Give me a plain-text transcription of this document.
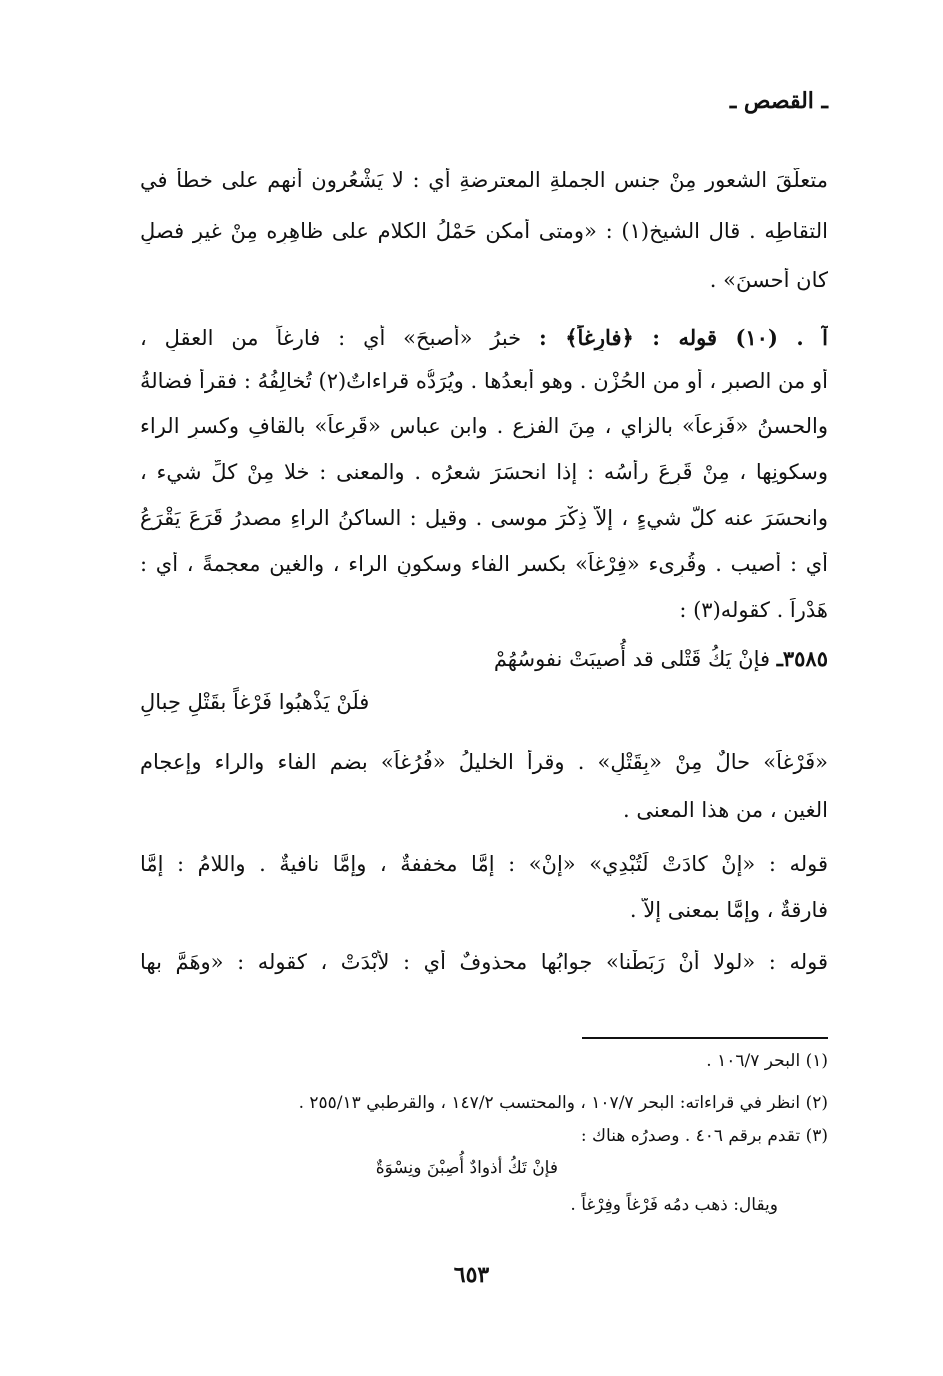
ـ القصص ـ
متعلَّقَ الشعور مِنْ جنسِ الجملةِ المعترضةِ أي : لا يَشْعُرون أنهم على خطأ في
التقاطِه . قال الشيخ(١) : «ومتى أمكن حَمْلُ الكلامِ على ظاهِرِه مِنْ غيرِ فصلٍ
كان أحسنَ» .
آ . (١٠) قوله : ﴿فارِغاً﴾ : خبرُ «أصبحَ» أي : فارغاً من العقلِ ،
أو من الصبرِ ، أو من الحُزْن . وهو أبعدُها . ويُرَدُّه قراءاتٌ(٢) تُخالِفُهُ : فقرأ فضالةُ
والحسنُ «فَزِعاً» بالزاي ، مِنَ الفزع . وابن عباس «قَرِعاً» بالقافِ وكسرِ الراء
وسكونِها ، مِنْ قَرِعَ رأسُه : إذا انحسَرَ شعرُه . والمعنى : خلا مِنْ كلِّ شيء ،
وانحسَرَ عنه كلُّ شيءٍ ، إلاَّ ذِكْرَ موسى . وقيل : الساكنُ الراءِ مصدرُ قَرَعَ يَقْرَعُ
أي : أصيب . وقُرِىء «فِرْغاً» بكسر الفاء وسكونِ الراء ، والغينِ معجمةً ، أي :
هَدْراً . كقوله(٣) :
٣٥٨٥ـ فإنْ يَكُ قَتْلى قد أُصيبَتْ نفوسُهُمْ
فلَنْ يَذْهبُوا فَرْغاً بقَتْلِ حِبالِ
«فَرْغاً» حالٌ مِنْ «بِقَتْلِ» . وقرأ الخليلُ «فُرُغاً» بضم الفاء والراء وإعجامِ
الغين ، من هذا المعنى .
قوله : «إنْ كادَتْ لَتُبْدِي» «إنْ» : إمَّا مخففةٌ ، وإمَّا نافيةٌ . واللامُ : إمَّا
فارقةٌ ، وإمَّا بمعنى إلاَّ .
قوله : «لولا أَنْ رَبَطْنا» جوابُها محذوفٌ أي : لأَبْدَتْ ، كقوله : «وهَمَّ بها
(١) البحر ١٠٦/٧ .
(٢) انظر في قراءاته: البحر ١٠٧/٧ ، والمحتسب ١٤٧/٢ ، والقرطبي ٢٥٥/١٣ .
(٣) تقدم برقم ٤٠٦ . وصدرُه هناك :
فإنْ تَكُ أذوادٌ أُصِبْنَ ونِسْوَةٌ
ويقال: ذهب دمُه فَرْغاً وفِرْغاً .
٦٥٣
